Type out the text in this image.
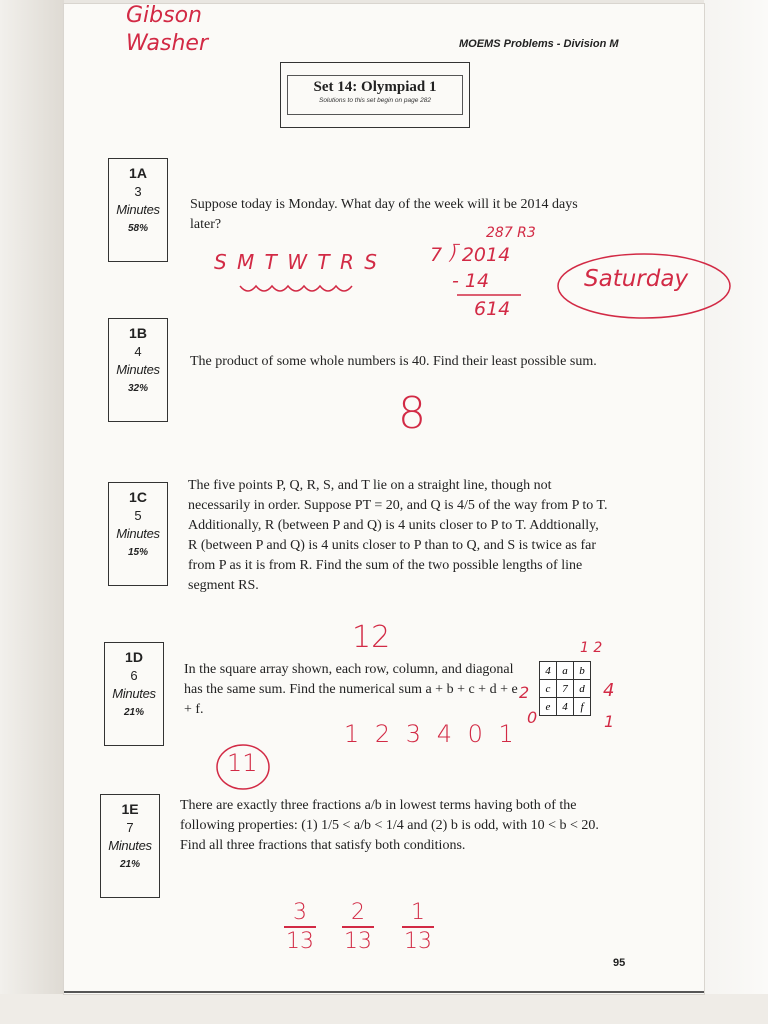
Gibson
Washer	MOEMS Problems - Division M
Set 14: Olympiad 1
Solutions to this set begin on page 282
1A
3
Minutes
58%
Suppose today is Monday. What day of the week will it be 2014 days later?
1B
4
Minutes
32%
The product of some whole numbers is 40. Find their least possible sum.
1C
5
Minutes
15%
The five points P, Q, R, S, and T lie on a straight line, though not necessarily in order. Suppose PT = 20, and Q is 4/5 of the way from P to T. Additionally, R (between P and Q) is 4 units closer to P to T. Addtionally, R (between P and Q) is 4 units closer to P than to Q, and S is twice as far from P as it is from R. Find the sum of the two possible lengths of line segment RS.
1D
6
Minutes
21%
In the square array shown, each row, column, and diagonal has the same sum. Find the numerical sum a + b + c + d + e + f.
4	a	b
c	7	d
e	4	f
1E
7
Minutes
21%
There are exactly three fractions a/b in lowest terms having both of the following properties: (1) 1/5 < a/b < 1/4 and (2) b is odd, with 10 < b < 20. Find all three fractions that satisfy both conditions.
95
S M T W T R S
287 R3
7 ⟌ 2014
- 14
614
Saturday
8
12	1 2
4
2
0	1
1 2 3 4 0 1
11
3
13
2
13
1
13
